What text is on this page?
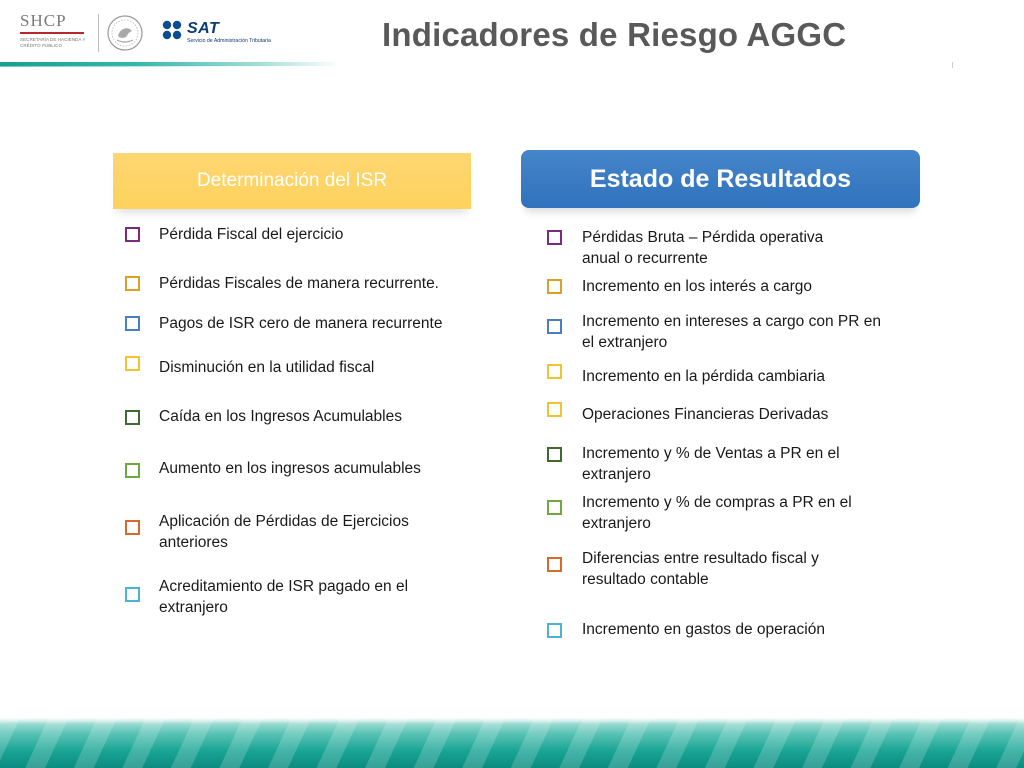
SHCP
SECRETARÍA DE HACIENDA Y CRÉDITO PÚBLICO
SAT
Servicio de Administración Tributaria	Indicadores de Riesgo AGGC
Determinación del ISR
Pérdida Fiscal del ejercicio
Pérdidas Fiscales de manera recurrente.
Pagos de ISR cero de manera recurrente
Disminución en la utilidad fiscal
Caída en los Ingresos Acumulables
Aumento en los ingresos acumulables
Aplicación de Pérdidas de Ejercicios
anteriores
Acreditamiento de ISR pagado en el
extranjero
Estado de Resultados
Pérdidas Bruta – Pérdida operativa
anual o recurrente
Incremento en los interés a cargo
Incremento en intereses a cargo con PR en
el extranjero
Incremento en la pérdida cambiaria
Operaciones Financieras Derivadas
Incremento y % de Ventas a PR en el
extranjero
Incremento y % de compras a PR en el
extranjero
Diferencias entre resultado fiscal y
resultado contable
Incremento en gastos de operación
